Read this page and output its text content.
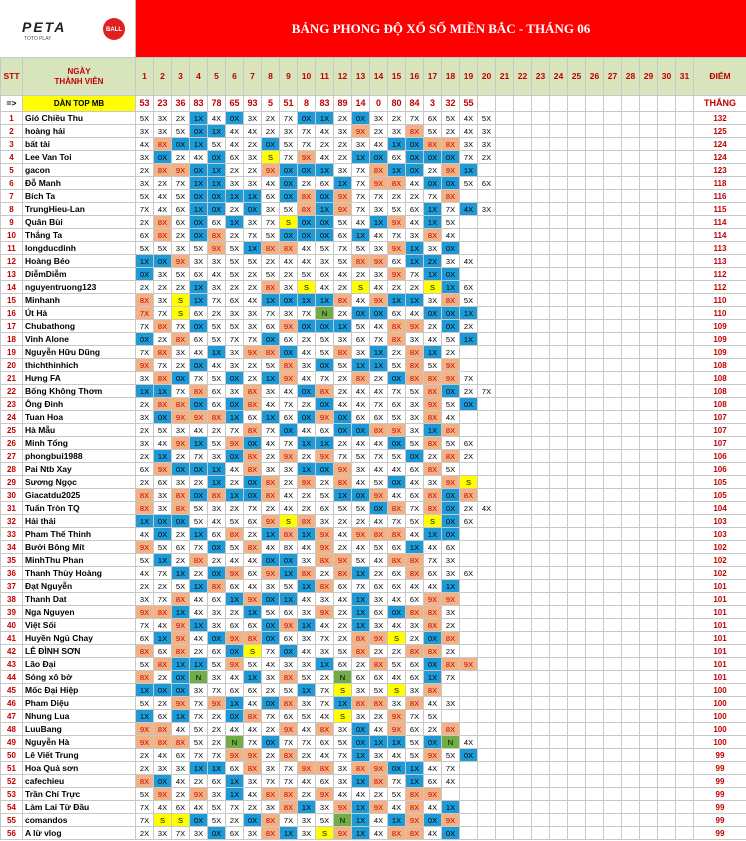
PETA
TOTO PLAY
BALL	BẢNG PHONG ĐỘ XỔ SỐ MIỀN BẮC - THÁNG 06
STT	NGÀY
THÀNH VIÊN	1	2	3	4	5	6	7	8	9	10	11	12	13	14	15	16	17	18	19	20	21	22	23	24	25	26	27	28	29	30	31	ĐIỂM
=>	DÀN TOP MB	53	23	36	83	78	65	93	5	51	8	83	89	14	0	80	84	3	32	55													THẮNG
1	Gió Chiều Thu	5X	3X	2X	1X	4X	0X	3X	2X	7X	0X	1X	2X	0X	3X	2X	7X	6X	5X	4X	5X												132
2	hoàng hải	3X	3X	5X	0X	1X	4X	4X	2X	3X	7X	4X	3X	9X	2X	3X	8X	5X	2X	4X	3X												125
3	bất tài	4X	8X	0X	1X	5X	4X	2X	0X	5X	7X	2X	2X	3X	4X	1X	0X	8X	8X	3X	3X												124
4	Lee Van Toi	3X	0X	2X	4X	0X	6X	3X	S	7X	9X	4X	2X	1X	0X	6X	0X	0X	0X	7X	2X												124
5	gacon	2X	8X	9X	0X	1X	2X	2X	9X	0X	0X	1X	3X	7X	8X	1X	0X	2X	9X	1X													123
6	Đỗ Manh	3X	2X	7X	1X	1X	3X	3X	4X	0X	2X	6X	1X	7X	9X	8X	4X	0X	0X	5X	6X												118
7	Bích Ta	5X	4X	5X	0X	0X	1X	1X	6X	0X	8X	0X	9X	7X	7X	2X	2X	7X	8X														116
8	TrungHieu-Lan	7X	4X	6X	1X	0X	2X	0X	3X	5X	8X	1X	9X	7X	3X	5X	6X	1X	7X	4X	3X												115
9	Quân Bùi	2X	8X	6X	0X	6X	1X	3X	7X	S	0X	0X	5X	4X	1X	9X	4X	1X	5X														114
10	Thắng Ta	6X	8X	2X	0X	8X	2X	7X	5X	0X	0X	0X	6X	1X	4X	7X	3X	8X	4X														114
11	longducdinh	5X	5X	3X	5X	9X	5X	1X	8X	8X	4X	5X	7X	5X	3X	9X	1X	3X	0X														113
12	Hoàng Béo	1X	0X	9X	3X	3X	5X	5X	2X	4X	4X	3X	5X	8X	9X	6X	1X	2X	3X	4X													113
13	DiễmDiễm	0X	3X	5X	6X	4X	5X	2X	5X	2X	5X	6X	4X	2X	3X	9X	7X	1X	0X														112
14	nguyentruong123	2X	2X	2X	1X	3X	2X	2X	8X	3X	S	4X	2X	S	4X	2X	2X	S	1X	6X													112
15	Minhanh	8X	3X	S	1X	7X	6X	4X	1X	0X	1X	1X	8X	4X	9X	1X	1X	3X	8X	5X													110
16	Út Hà	7X	7X	S	6X	2X	3X	3X	7X	3X	7X	N	2X	0X	0X	6X	4X	0X	0X	1X													110
17	Chubathong	7X	8X	7X	0X	5X	5X	3X	6X	9X	0X	0X	1X	5X	4X	8X	9X	2X	0X	2X													109
18	Vinh Alone	0X	2X	8X	6X	5X	7X	7X	0X	6X	2X	5X	3X	6X	7X	8X	3X	4X	5X	1X													109
19	Nguyễn Hữu Dũng	7X	8X	3X	4X	1X	3X	9X	8X	0X	4X	5X	8X	3X	1X	2X	8X	1X	2X														109
20	thichthinhich	9X	7X	2X	0X	4X	3X	2X	5X	8X	3X	0X	5X	1X	1X	5X	8X	5X	9X														108
21	Hưng FA	3X	8X	0X	7X	5X	0X	2X	1X	9X	4X	7X	2X	8X	2X	0X	8X	8X	9X	7X													108
22	Bống Không Thơm	1X	1X	7X	8X	6X	3X	8X	3X	4X	0X	8X	2X	4X	4X	7X	5X	8X	0X	2X	7X												108
23	Ông Đinh	2X	8X	8X	0X	6X	0X	8X	4X	7X	2X	0X	4X	4X	7X	6X	3X	9X	5X	0X													108
24	Tuan Hoa	3X	0X	9X	9X	8X	1X	6X	1X	6X	0X	9X	0X	6X	6X	5X	3X	8X	4X														107
25	Hà Mẫu	2X	5X	3X	4X	2X	7X	8X	7X	0X	4X	6X	0X	0X	8X	9X	3X	1X	8X														107
26	Minh Tổng	3X	4X	9X	1X	5X	9X	0X	4X	7X	1X	1X	2X	4X	4X	0X	5X	8X	5X	6X													107
27	phongbui1988	2X	1X	2X	7X	3X	0X	8X	2X	9X	2X	9X	7X	5X	7X	5X	0X	2X	8X	2X													106
28	Pai Ntb Xay	6X	9X	0X	0X	1X	4X	8X	3X	3X	1X	0X	9X	3X	4X	4X	6X	8X	5X														106
29	Sương Ngọc	2X	6X	3X	2X	1X	2X	0X	8X	2X	9X	2X	8X	4X	5X	0X	4X	3X	9X	S													105
30	Giacatdu2025	8X	3X	8X	0X	8X	1X	0X	8X	4X	2X	5X	1X	0X	9X	4X	6X	8X	0X	8X													105
31	Tuấn Tròn TQ	8X	3X	8X	5X	3X	2X	7X	2X	4X	2X	6X	5X	5X	0X	8X	7X	8X	0X	2X	4X												104
32	Hải thái	1X	0X	0X	5X	4X	5X	6X	9X	S	8X	3X	2X	2X	4X	7X	5X	S	0X	6X													103
33	Pham Thế Thinh	4X	0X	2X	1X	6X	8X	2X	1X	8X	1X	9X	4X	9X	8X	8X	4X	1X	0X														103
34	Bưởi Bông Mít	9X	5X	6X	7X	0X	5X	8X	4X	8X	4X	9X	2X	4X	5X	6X	1X	4X	6X														102
35	MinhThu Phan	5X	1X	2X	8X	2X	4X	4X	0X	0X	3X	8X	9X	5X	4X	8X	8X	7X	3X														102
36	Thanh Thùy Hoàng	4X	7X	1X	2X	0X	9X	6X	9X	1X	8X	2X	8X	1X	2X	6X	8X	6X	3X	6X													102
37	Đạt Nguyễn	2X	2X	5X	1X	8X	6X	4X	3X	5X	1X	8X	6X	7X	6X	6X	4X	4X	1X														101
38	Thanh Dat	3X	7X	8X	4X	6X	1X	9X	0X	1X	4X	3X	4X	1X	3X	4X	6X	9X	9X														101
39	Nga Nguyen	9X	8X	1X	4X	3X	2X	1X	5X	6X	3X	9X	2X	1X	6X	0X	8X	8X	3X														101
40	Việt Sối	7X	4X	9X	1X	3X	6X	6X	0X	9X	1X	4X	2X	1X	3X	4X	3X	8X	2X														101
41	Huyền Ngủ Chay	6X	1X	9X	4X	0X	9X	8X	0X	6X	3X	7X	2X	8X	9X	S	2X	0X	8X														101
42	LÊ ĐÌNH SƠN	8X	6X	8X	2X	6X	0X	S	7X	0X	4X	3X	5X	8X	2X	2X	8X	8X	2X														101
43	Lão Đại	5X	8X	1X	1X	5X	9X	5X	4X	3X	3X	1X	6X	2X	8X	5X	6X	0X	8X	9X													101
44	Sóng xô bờ	8X	2X	0X	N	3X	4X	1X	3X	8X	5X	2X	N	6X	6X	4X	6X	1X	7X														101
45	Mốc Đại Hiệp	1X	0X	0X	3X	7X	6X	6X	2X	5X	1X	7X	S	3X	5X	S	3X	8X															100
46	Pham Diệu	5X	2X	9X	7X	9X	1X	4X	0X	8X	3X	7X	1X	8X	8X	3X	8X	4X	3X														100
47	Nhung Lua	1X	6X	1X	7X	2X	0X	8X	7X	6X	5X	4X	S	3X	2X	9X	7X	5X															100
48	LuuBang	9X	8X	4X	5X	2X	4X	4X	2X	9X	4X	8X	3X	0X	4X	9X	6X	2X	8X														100
49	Nguyễn Hà	9X	8X	8X	5X	2X	N	7X	0X	7X	7X	6X	5X	0X	1X	1X	5X	0X	N	4X													100
50	Lê Viết Trung	2X	4X	6X	7X	7X	9X	9X	2X	8X	2X	4X	7X	1X	3X	4X	5X	9X	5X	0X													99
51	Hoa Quả sơn	2X	3X	3X	1X	1X	6X	8X	3X	7X	9X	8X	3X	8X	9X	0X	1X	4X	7X														99
52	cafechieu	8X	0X	4X	2X	6X	1X	3X	7X	7X	4X	6X	3X	1X	8X	7X	1X	6X	4X														99
53	Trần Chí Trực	5X	9X	2X	9X	3X	1X	4X	8X	8X	2X	9X	4X	4X	2X	5X	8X	9X															99
54	Làm Lai Từ Đầu	7X	4X	6X	4X	5X	7X	2X	3X	8X	1X	3X	9X	1X	9X	4X	8X	4X	1X														99
55	comandos	7X	S	S	0X	5X	2X	0X	8X	7X	3X	5X	N	1X	4X	1X	9X	0X	9X														99
56	A lừ vlog	2X	3X	7X	3X	0X	6X	3X	8X	1X	3X	S	9X	1X	4X	8X	8X	4X	0X														99
